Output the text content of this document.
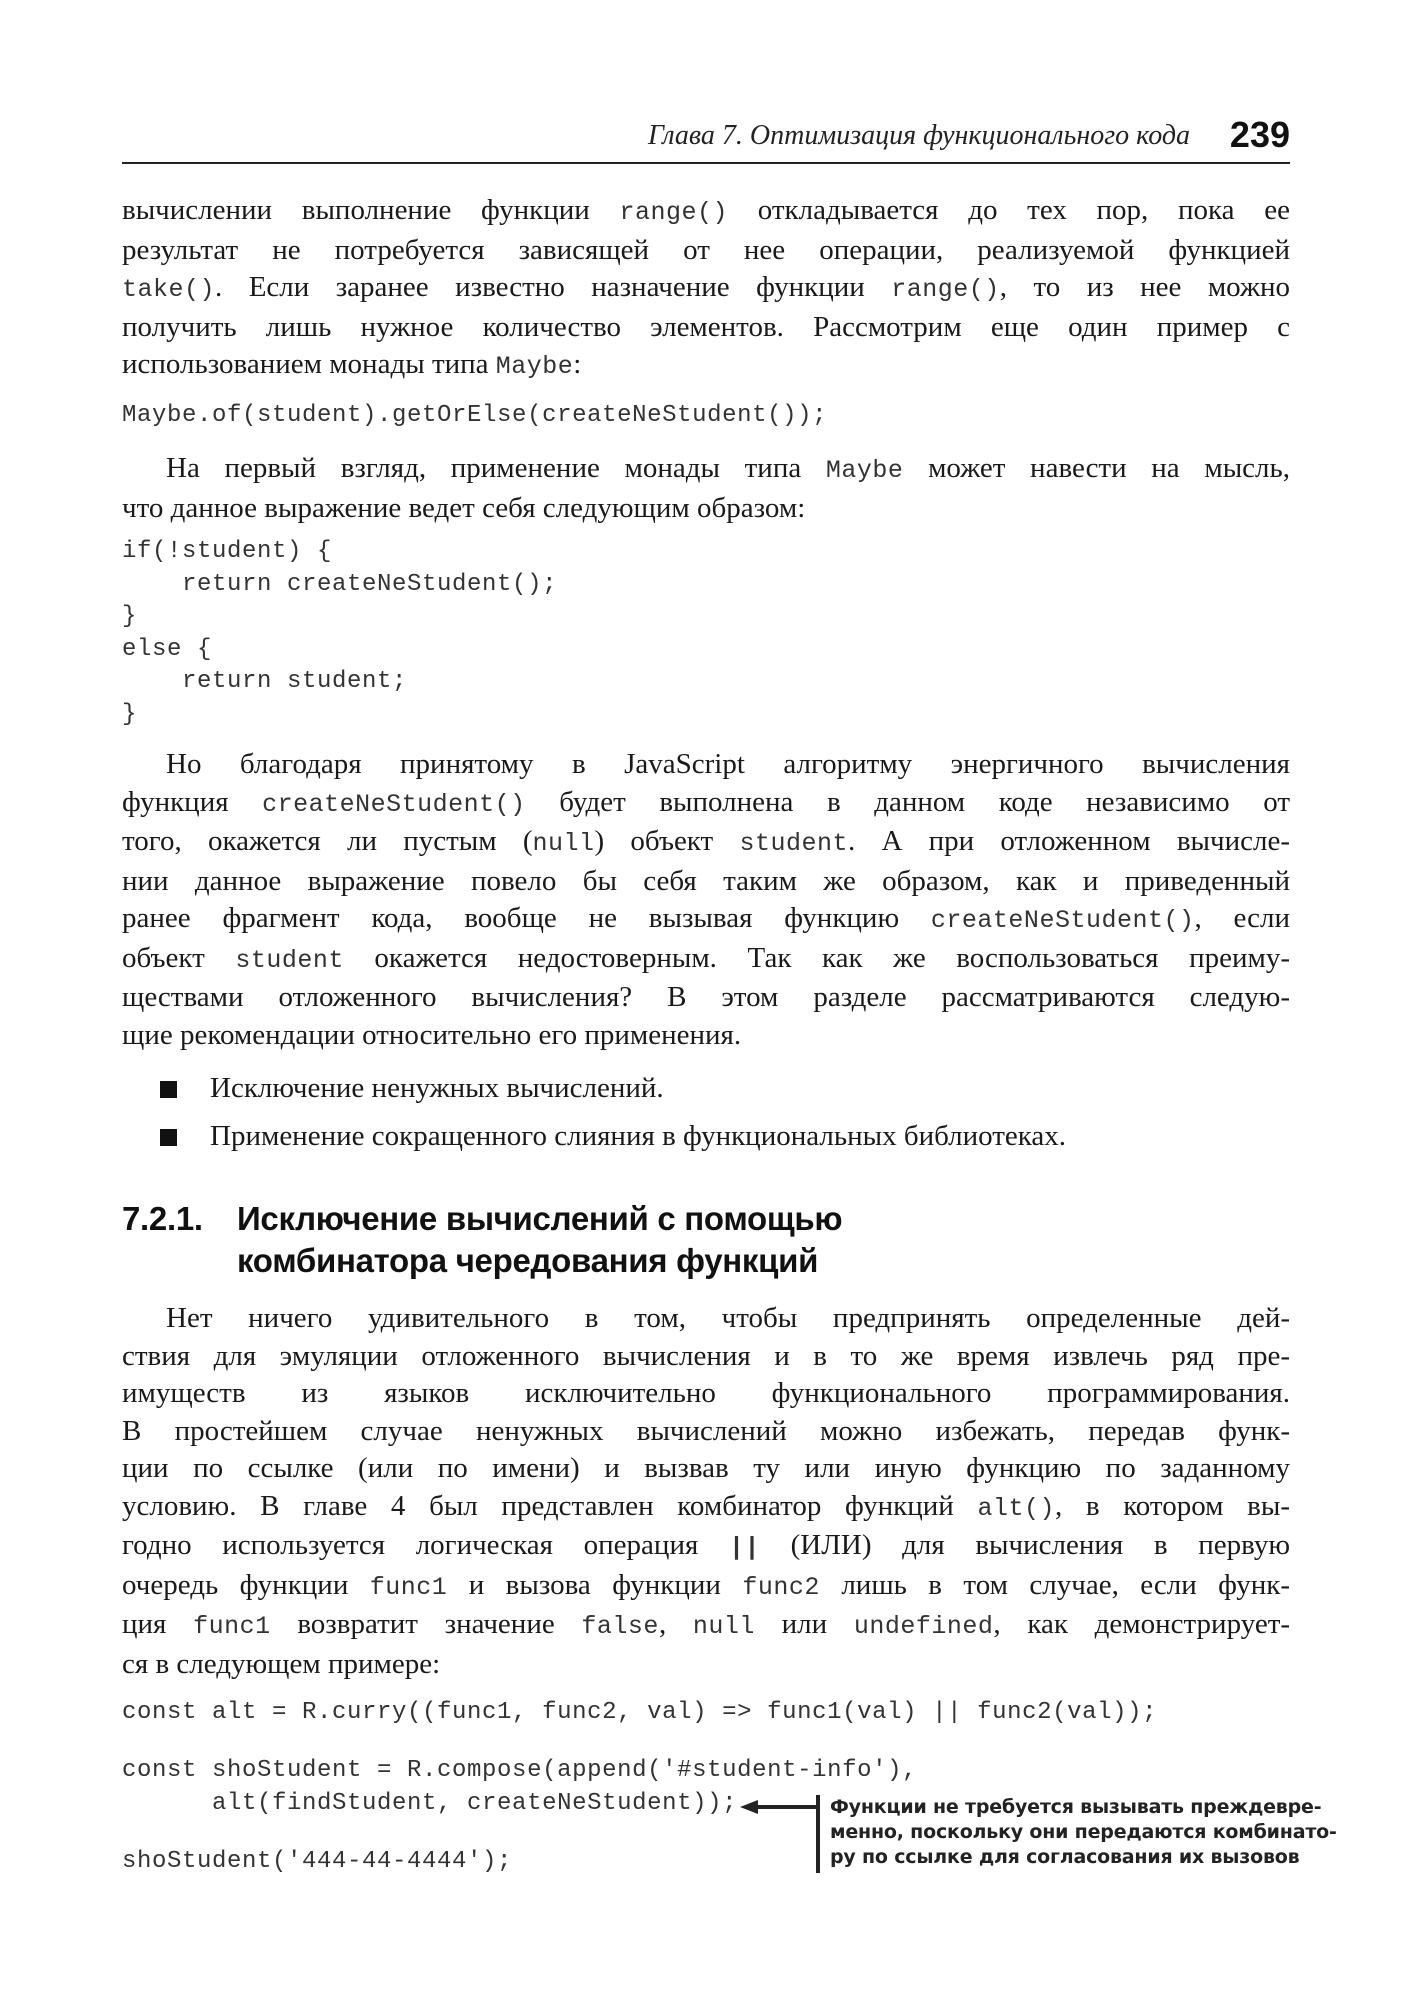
Глава 7. Оптимизация функционального кода 239
вычислении выполнение функции range() откладывается до тех пор, пока ее
результат не потребуется зависящей от нее операции, реализуемой функцией
take(). Если заранее известно назначение функции range(), то из нее можно
получить лишь нужное количество элементов. Рассмотрим еще один пример с
использованием монады типа Maybe:
Maybe.of(student).getOrElse(createNeStudent());
На первый взгляд, применение монады типа Maybe может навести на мысль,
что данное выражение ведет себя следующим образом:
if(!student) {
return createNeStudent();
}
else {
return student;
}
Но благодаря принятому в JavaScript алгоритму энергичного вычисления
функция createNeStudent() будет выполнена в данном коде независимо от
того, окажется ли пустым (null) объект student. А при отложенном вычисле-
нии данное выражение повело бы себя таким же образом, как и приведенный
ранее фрагмент кода, вообще не вызывая функцию createNeStudent(), если
объект student окажется недостоверным. Так как же воспользоваться преиму-
ществами отложенного вычисления? В этом разделе рассматриваются следую-
щие рекомендации относительно его применения.
Исключение ненужных вычислений.
Применение сокращенного слияния в функциональных библиотеках.
7.2.1. Исключение вычислений с помощью
комбинатора чередования функций
Нет ничего удивительного в том, чтобы предпринять определенные дей-
ствия для эмуляции отложенного вычисления и в то же время извлечь ряд пре-
имуществ из языков исключительно функционального программирования.
В простейшем случае ненужных вычислений можно избежать, передав функ-
ции по ссылке (или по имени) и вызвав ту или иную функцию по заданному
условию. В главе 4 был представлен комбинатор функций alt(), в котором вы-
годно используется логическая операция || (ИЛИ) для вычисления в первую
очередь функции func1 и вызова функции func2 лишь в том случае, если функ-
ция func1 возвратит значение false, null или undefined, как демонстрирует-
ся в следующем примере:
const alt = R.curry((func1, func2, val) => func1(val) || func2(val));
const shoStudent = R.compose(append('#student-info'),
alt(findStudent, createNeStudent));
shoStudent('444-44-4444');
Функции не требуется вызывать преждевре-
менно, поскольку они передаются комбинато-
ру по ссылке для согласования их вызовов
